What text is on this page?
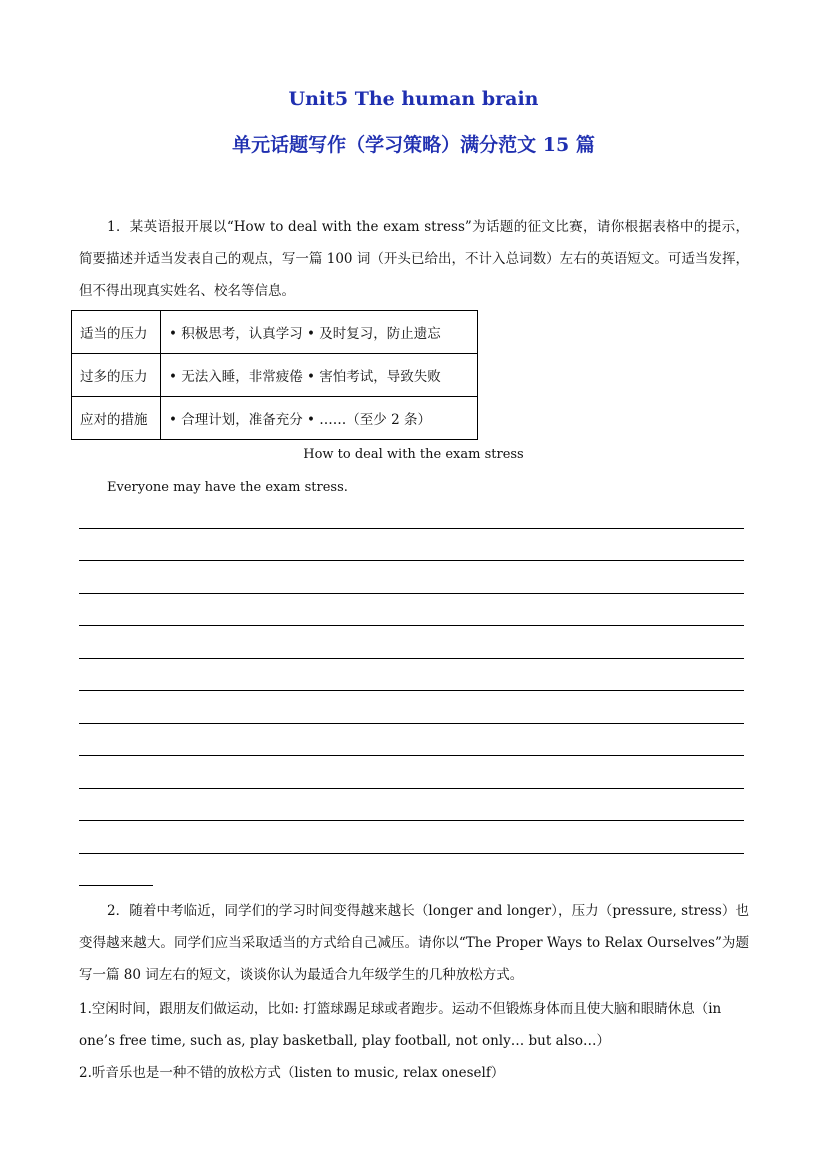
Unit5 The human brain
单元话题写作（学习策略）满分范文 15 篇
1．某英语报开展以“How to deal with the exam stress”为话题的征文比赛，请你根据表格中的提示，简要描述并适当发表自己的观点，写一篇 100 词（开头已给出，不计入总词数）左右的英语短文。可适当发挥，但不得出现真实姓名、校名等信息。
适当的压力	• 积极思考，认真学习 • 及时复习，防止遗忘
过多的压力	• 无法入睡，非常疲倦 • 害怕考试，导致失败
应对的措施	• 合理计划，准备充分 • ……（至少 2 条）
How to deal with the exam stress
Everyone may have the exam stress.
2．随着中考临近，同学们的学习时间变得越来越长（longer and longer），压力（pressure, stress）也变得越来越大。同学们应当采取适当的方式给自己减压。请你以“The Proper Ways to Relax Ourselves”为题写一篇 80 词左右的短文，谈谈你认为最适合九年级学生的几种放松方式。
1.空闲时间，跟朋友们做运动，比如: 打篮球踢足球或者跑步。运动不但锻炼身体而且使大脑和眼睛休息（in one’s free time, such as, play basketball, play football, not only… but also…）
2.听音乐也是一种不错的放松方式（listen to music, relax oneself）
